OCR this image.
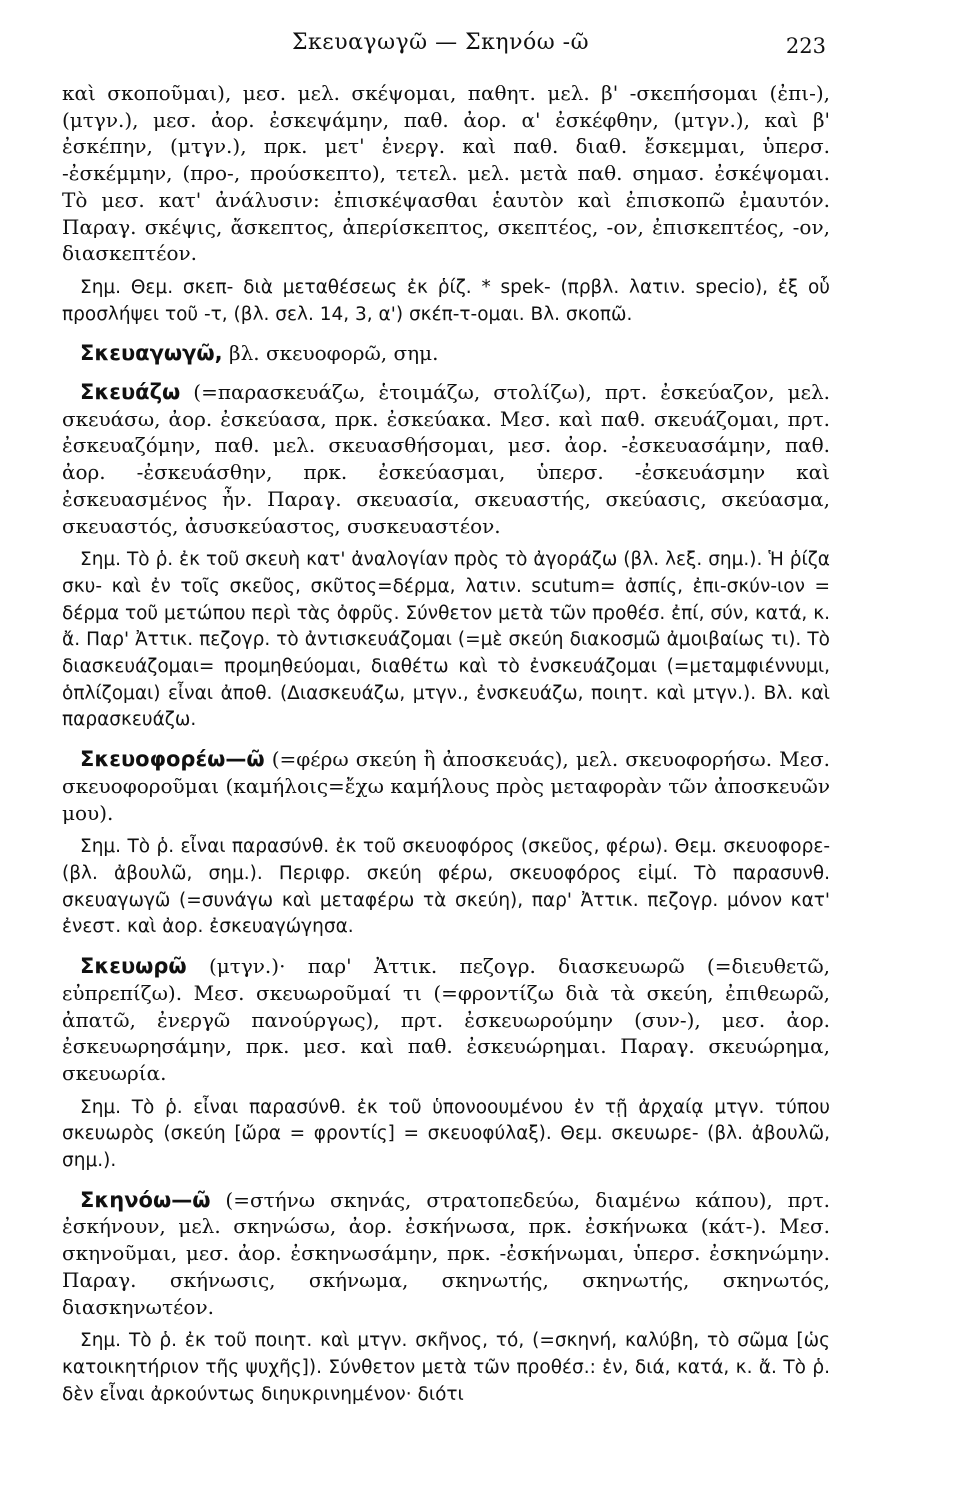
Σκευαγωγῶ — Σκηνόω -ῶ	223

καὶ σκοποῦμαι), μεσ. μελ. σκέψομαι, παθητ. μελ. β' -σκεπήσομαι (ἐπι-), (μτγν.), μεσ. ἀορ. ἐσκεψάμην, παθ. ἀορ. α' ἐσκέφθην, (μτγν.), καὶ β' ἐσκέπην, (μτγν.), πρκ. μετ' ἐνεργ. καὶ παθ. διαθ. ἔσκεμμαι, ὑπερσ. -ἐσκέμμην, (προ-, προύσκεπτο), τετελ. μελ. μετὰ παθ. σημασ. ἐσκέψομαι. Τὸ μεσ. κατ' ἀνάλυσιν: ἐπισκέψασθαι ἑαυτὸν καὶ ἐπισκοπῶ ἐμαυτόν. Παραγ. σκέψις, ἄσκεπτος, ἀπερίσκεπτος, σκεπτέος, -ον, ἐπισκεπτέος, -ον, διασκεπτέον.

Σημ. Θεμ. σκεπ- διὰ μεταθέσεως ἐκ ῥίζ. * spek- (πρβλ. λατιν. specio), ἐξ οὗ προσλήψει τοῦ -τ, (βλ. σελ. 14, 3, α') σκέπ-τ-ομαι. Βλ. σκοπῶ.

Σκευαγωγῶ, βλ. σκευοφορῶ, σημ.

Σκευάζω (=παρασκευάζω, ἑτοιμάζω, στολίζω), πρτ. ἐσκεύαζον, μελ. σκευάσω, ἀορ. ἐσκεύασα, πρκ. ἐσκεύακα. Μεσ. καὶ παθ. σκευάζομαι, πρτ. ἐσκευαζόμην, παθ. μελ. σκευασθήσομαι, μεσ. ἀορ. -ἐσκευασάμην, παθ. ἀορ. -ἐσκευάσθην, πρκ. ἐσκεύασμαι, ὑπερσ. -ἐσκευάσμην καὶ ἐσκευασμένος ἦν. Παραγ. σκευασία, σκευαστής, σκεύασις, σκεύασμα, σκευαστός, ἀσυσκεύαστος, συσκευαστέον.

Σημ. Τὸ ῥ. ἐκ τοῦ σκευὴ κατ' ἀναλογίαν πρὸς τὸ ἀγοράζω (βλ. λεξ. σημ.). Ἡ ῥίζα σκυ- καὶ ἐν τοῖς σκεῦος, σκῦτος=δέρμα, λατιν. scutum= ἀσπίς, ἐπι-σκύν-ιον = δέρμα τοῦ μετώπου περὶ τὰς ὀφρῦς. Σύνθετον μετὰ τῶν προθέσ. ἐπί, σύν, κατά, κ. ἄ. Παρ' Ἀττικ. πεζογρ. τὸ ἀντισκευάζομαι (=μὲ σκεύη διακοσμῶ ἀμοιβαίως τι). Τὸ διασκευάζομαι= προμηθεύομαι, διαθέτω καὶ τὸ ἐνσκευάζομαι (=μεταμφιέννυμι, ὁπλίζομαι) εἶναι ἀποθ. (Διασκευάζω, μτγν., ἐνσκευάζω, ποιητ. καὶ μτγν.). Βλ. καὶ παρασκευάζω.

Σκευοφορέω—ῶ (=φέρω σκεύη ἢ ἀποσκευάς), μελ. σκευοφορήσω. Μεσ. σκευοφοροῦμαι (καμήλοις=ἔχω καμήλους πρὸς μεταφορὰν τῶν ἀποσκευῶν μου).

Σημ. Τὸ ῥ. εἶναι παρασύνθ. ἐκ τοῦ σκευοφόρος (σκεῦος, φέρω). Θεμ. σκευοφορε- (βλ. ἀβουλῶ, σημ.). Περιφρ. σκεύη φέρω, σκευοφόρος εἰμί. Τὸ παρασυνθ. σκευαγωγῶ (=συνάγω καὶ μεταφέρω τὰ σκεύη), παρ' Ἀττικ. πεζογρ. μόνον κατ' ἐνεστ. καὶ ἀορ. ἐσκευαγώγησα.

Σκευωρῶ (μτγν.)· παρ' Ἀττικ. πεζογρ. διασκευωρῶ (=διευθετῶ, εὐπρεπίζω). Μεσ. σκευωροῦμαί τι (=φροντίζω διὰ τὰ σκεύη, ἐπιθεωρῶ, ἀπατῶ, ἐνεργῶ πανούργως), πρτ. ἐσκευωρούμην (συν-), μεσ. ἀορ. ἐσκευωρησάμην, πρκ. μεσ. καὶ παθ. ἐσκευώρημαι. Παραγ. σκευώρημα, σκευωρία.

Σημ. Τὸ ῥ. εἶναι παρασύνθ. ἐκ τοῦ ὑπονοουμένου ἐν τῇ ἀρχαίᾳ μτγν. τύπου σκευωρὸς (σκεύη [ὤρα = φροντίς] = σκευοφύλαξ). Θεμ. σκευωρε- (βλ. ἀβουλῶ, σημ.).

Σκηνόω—ῶ (=στήνω σκηνάς, στρατοπεδεύω, διαμένω κάπου), πρτ. ἐσκήνουν, μελ. σκηνώσω, ἀορ. ἐσκήνωσα, πρκ. ἐσκήνωκα (κάτ-). Μεσ. σκηνοῦμαι, μεσ. ἀορ. ἐσκηνωσάμην, πρκ. -ἐσκήνωμαι, ὑπερσ. ἐσκηνώμην. Παραγ. σκήνωσις, σκήνωμα, σκηνωτής, σκηνωτής, σκηνωτός, διασκηνωτέον.

Σημ. Τὸ ῥ. ἐκ τοῦ ποιητ. καὶ μτγν. σκῆνος, τό, (=σκηνή, καλύβη, τὸ σῶμα [ὡς κατοικητήριον τῆς ψυχῆς]). Σύνθετον μετὰ τῶν προθέσ.: ἐν, διά, κατά, κ. ἄ. Τὸ ῥ. δὲν εἶναι ἀρκούντως διηυκρινημένον· διότι
